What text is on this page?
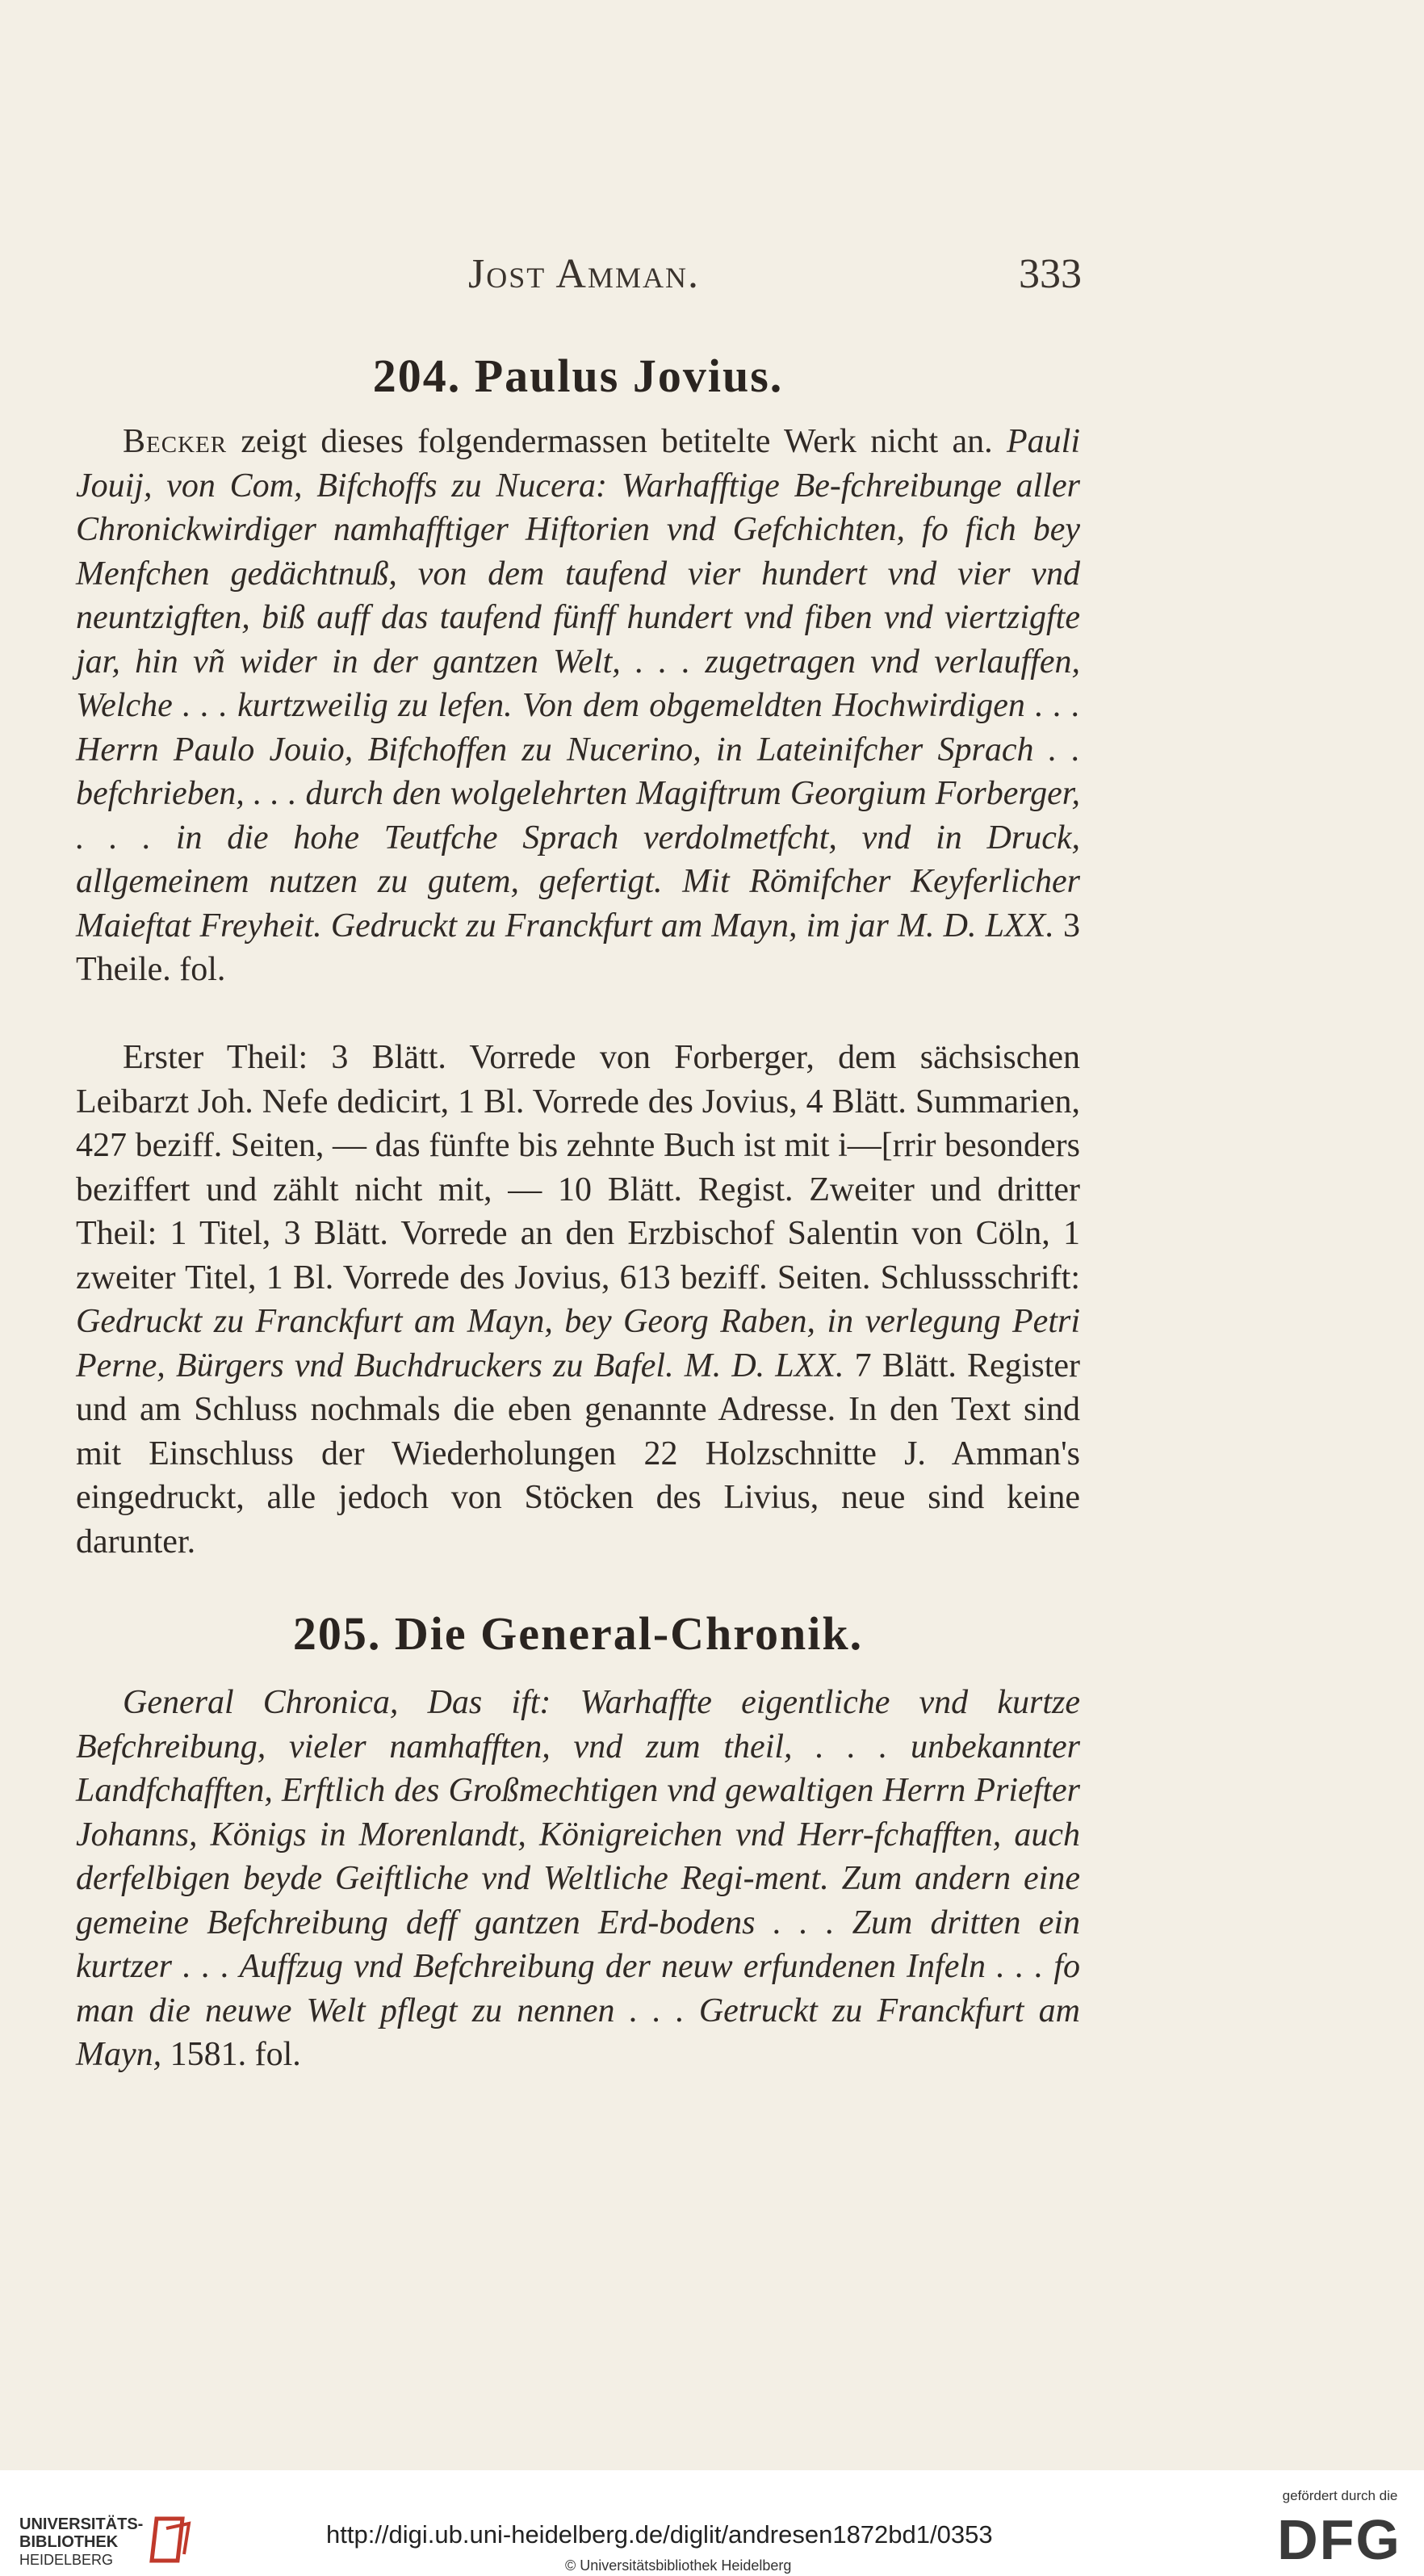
Jost Amman.	333
204. Paulus Jovius.

Becker zeigt dieses folgendermassen betitelte Werk nicht an. Pauli Jouij, von Com, Bifchoffs zu Nucera: Warhafftige Be-fchreibunge aller Chronickwirdiger namhafftiger Hiftorien vnd Gefchichten, fo fich bey Menfchen gedächtnuß, von dem taufend vier hundert vnd vier vnd neuntzigften, biß auff das taufend fünff hundert vnd fiben vnd viertzigfte jar, hin vñ wider in der gantzen Welt, . . . zugetragen vnd verlauffen, Welche . . . kurtzweilig zu lefen. Von dem obgemeldten Hochwirdigen . . . Herrn Paulo Jouio, Bifchoffen zu Nucerino, in Lateinifcher Sprach . . befchrieben, . . . durch den wolgelehrten Magiftrum Georgium Forberger, . . . in die hohe Teutfche Sprach verdolmetfcht, vnd in Druck, allgemeinem nutzen zu gutem, gefertigt. Mit Römifcher Keyferlicher Maieftat Freyheit. Gedruckt zu Franckfurt am Mayn, im jar M. D. LXX. 3 Theile. fol.

Erster Theil: 3 Blätt. Vorrede von Forberger, dem sächsischen Leibarzt Joh. Nefe dedicirt, 1 Bl. Vorrede des Jovius, 4 Blätt. Summarien, 427 beziff. Seiten, — das fünfte bis zehnte Buch ist mit i—[rrir besonders beziffert und zählt nicht mit, — 10 Blätt. Regist. Zweiter und dritter Theil: 1 Titel, 3 Blätt. Vorrede an den Erzbischof Salentin von Cöln, 1 zweiter Titel, 1 Bl. Vorrede des Jovius, 613 beziff. Seiten. Schlussschrift: Gedruckt zu Franckfurt am Mayn, bey Georg Raben, in verlegung Petri Perne, Bürgers vnd Buchdruckers zu Bafel. M. D. LXX. 7 Blätt. Register und am Schluss nochmals die eben genannte Adresse. In den Text sind mit Einschluss der Wiederholungen 22 Holzschnitte J. Amman's eingedruckt, alle jedoch von Stöcken des Livius, neue sind keine darunter.

205. Die General-Chronik.

General Chronica, Das ift: Warhaffte eigentliche vnd kurtze Befchreibung, vieler namhafften, vnd zum theil, . . . unbekannter Landfchafften, Erftlich des Großmechtigen vnd gewaltigen Herrn Priefter Johanns, Königs in Morenlandt, Königreichen vnd Herr-fchafften, auch derfelbigen beyde Geiftliche vnd Weltliche Regi-ment. Zum andern eine gemeine Befchreibung deff gantzen Erd-bodens . . . Zum dritten ein kurtzer . . . Auffzug vnd Befchreibung der neuw erfundenen Infeln . . . fo man die neuwe Welt pflegt zu nennen . . . Getruckt zu Franckfurt am Mayn, 1581. fol.

UNIVERSITÄTS-
BIBLIOTHEK
HEIDELBERG
http://digi.ub.uni-heidelberg.de/diglit/andresen1872bd1/0353
© Universitätsbibliothek Heidelberg
gefördert durch die
DFG
